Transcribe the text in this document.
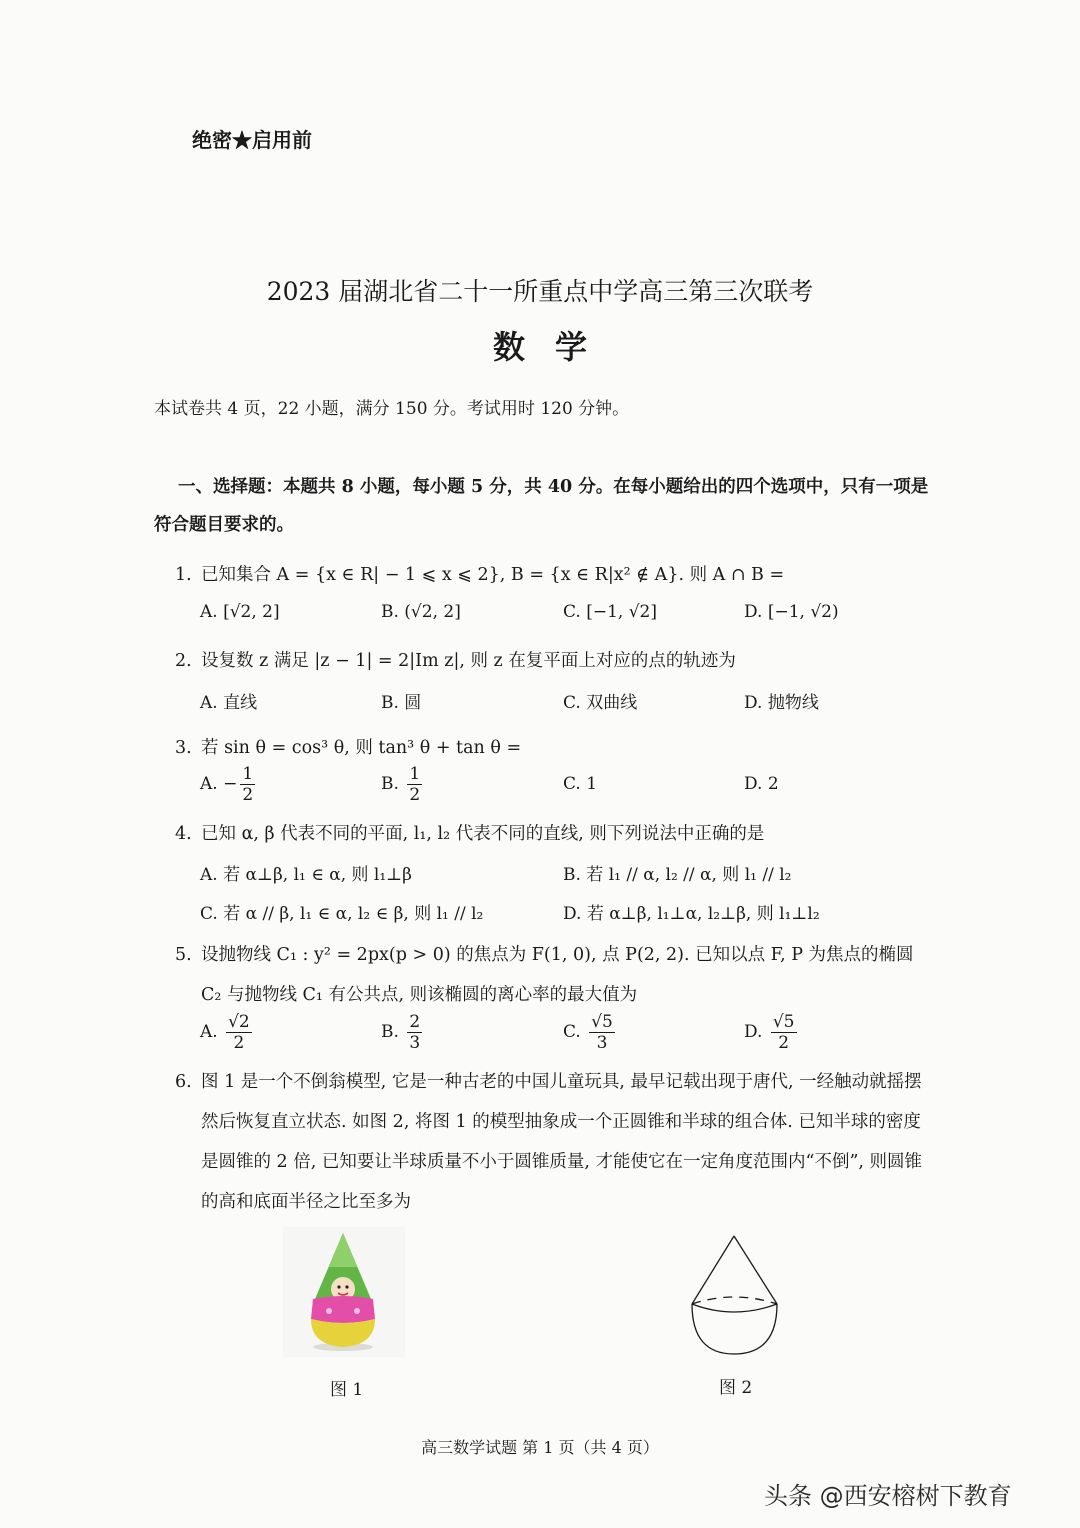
绝密★启用前
2023 届湖北省二十一所重点中学高三第三次联考
数学
本试卷共 4 页，22 小题，满分 150 分。考试用时 120 分钟。
一、选择题：本题共 8 小题，每小题 5 分，共 40 分。在每小题给出的四个选项中，只有一项是符合题目要求的。
1. 已知集合 A = {x ∈ R| − 1 ⩽ x ⩽ 2}, B = {x ∈ R|x² ∉ A}. 则 A ∩ B =
A. [√2, 2]	B. (√2, 2]	C. [−1, √2]	D. [−1, √2)
2. 设复数 z 满足 |z − 1| = 2|Im z|, 则 z 在复平面上对应的点的轨迹为
A. 直线	B. 圆	C. 双曲线	D. 抛物线
3. 若 sin θ = cos³ θ, 则 tan³ θ + tan θ =
A. − $\frac{1}{2}$	B. $\frac{1}{2}$	C. 1	D. 2
4. 已知 α, β 代表不同的平面, l₁, l₂ 代表不同的直线, 则下列说法中正确的是
A. 若 α⊥β, l₁ ∈ α, 则 l₁⊥β	B. 若 l₁ // α, l₂ // α, 则 l₁ // l₂
C. 若 α // β, l₁ ∈ α, l₂ ∈ β, 则 l₁ // l₂	D. 若 α⊥β, l₁⊥α, l₂⊥β, 则 l₁⊥l₂
5. 设抛物线 C₁ : y² = 2px(p > 0) 的焦点为 F(1, 0), 点 P(2, 2). 已知以点 F, P 为焦点的椭圆 C₂ 与抛物线 C₁ 有公共点, 则该椭圆的离心率的最大值为
A. $\frac{√2}{2}$	B. $\frac{2}{3}$	C. $\frac{√5}{3}$	D. $\frac{√5}{2}$
6. 图 1 是一个不倒翁模型, 它是一种古老的中国儿童玩具, 最早记载出现于唐代, 一经触动就摇摆然后恢复直立状态. 如图 2, 将图 1 的模型抽象成一个正圆锥和半球的组合体. 已知半球的密度是圆锥的 2 倍, 已知要让半球质量不小于圆锥质量, 才能使它在一定角度范围内“不倒”, 则圆锥的高和底面半径之比至多为
图 1	图 2
高三数学试题 第 1 页（共 4 页）
头条 @西安榕树下教育
